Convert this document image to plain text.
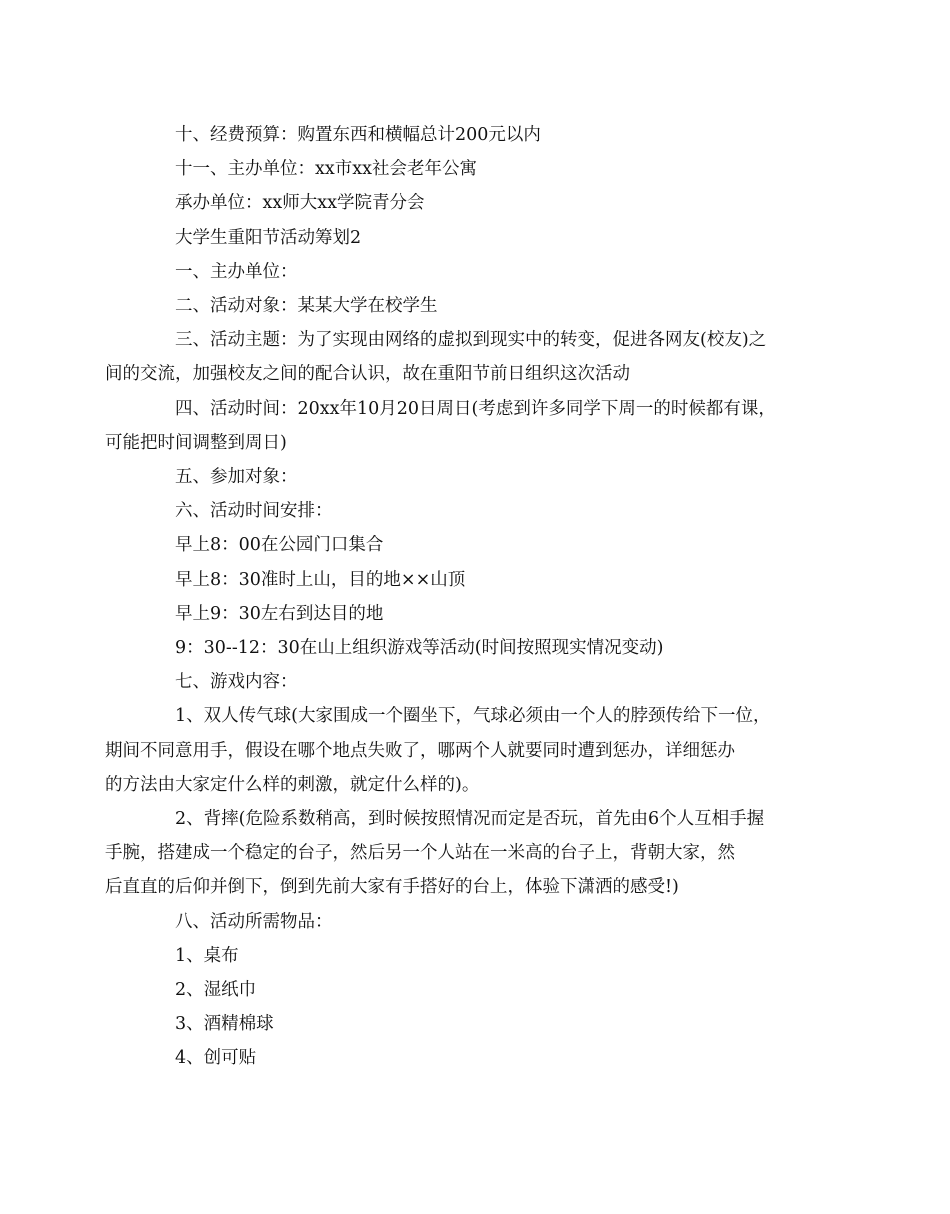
十、经费预算：购置东西和横幅总计200元以内
十一、主办单位：xx市xx社会老年公寓
承办单位：xx师大xx学院青分会
大学生重阳节活动筹划2
一、主办单位：
二、活动对象：某某大学在校学生
三、活动主题：为了实现由网络的虚拟到现实中的转变，促进各网友(校友)之
间的交流，加强校友之间的配合认识，故在重阳节前日组织这次活动
四、活动时间：20xx年10月20日周日(考虑到许多同学下周一的时候都有课，
可能把时间调整到周日)
五、参加对象：
六、活动时间安排：
早上8：00在公园门口集合
早上8：30准时上山，目的地××山顶
早上9：30左右到达目的地
9：30--12：30在山上组织游戏等活动(时间按照现实情况变动)
七、游戏内容：
1、双人传气球(大家围成一个圈坐下，气球必须由一个人的脖颈传给下一位，
期间不同意用手，假设在哪个地点失败了，哪两个人就要同时遭到惩办，详细惩办
的方法由大家定什么样的刺激，就定什么样的)。
2、背摔(危险系数稍高，到时候按照情况而定是否玩，首先由6个人互相手握
手腕，搭建成一个稳定的台子，然后另一个人站在一米高的台子上，背朝大家，然
后直直的后仰并倒下，倒到先前大家有手搭好的台上，体验下潇洒的感受!)
八、活动所需物品：
1、桌布
2、湿纸巾
3、酒精棉球
4、创可贴
